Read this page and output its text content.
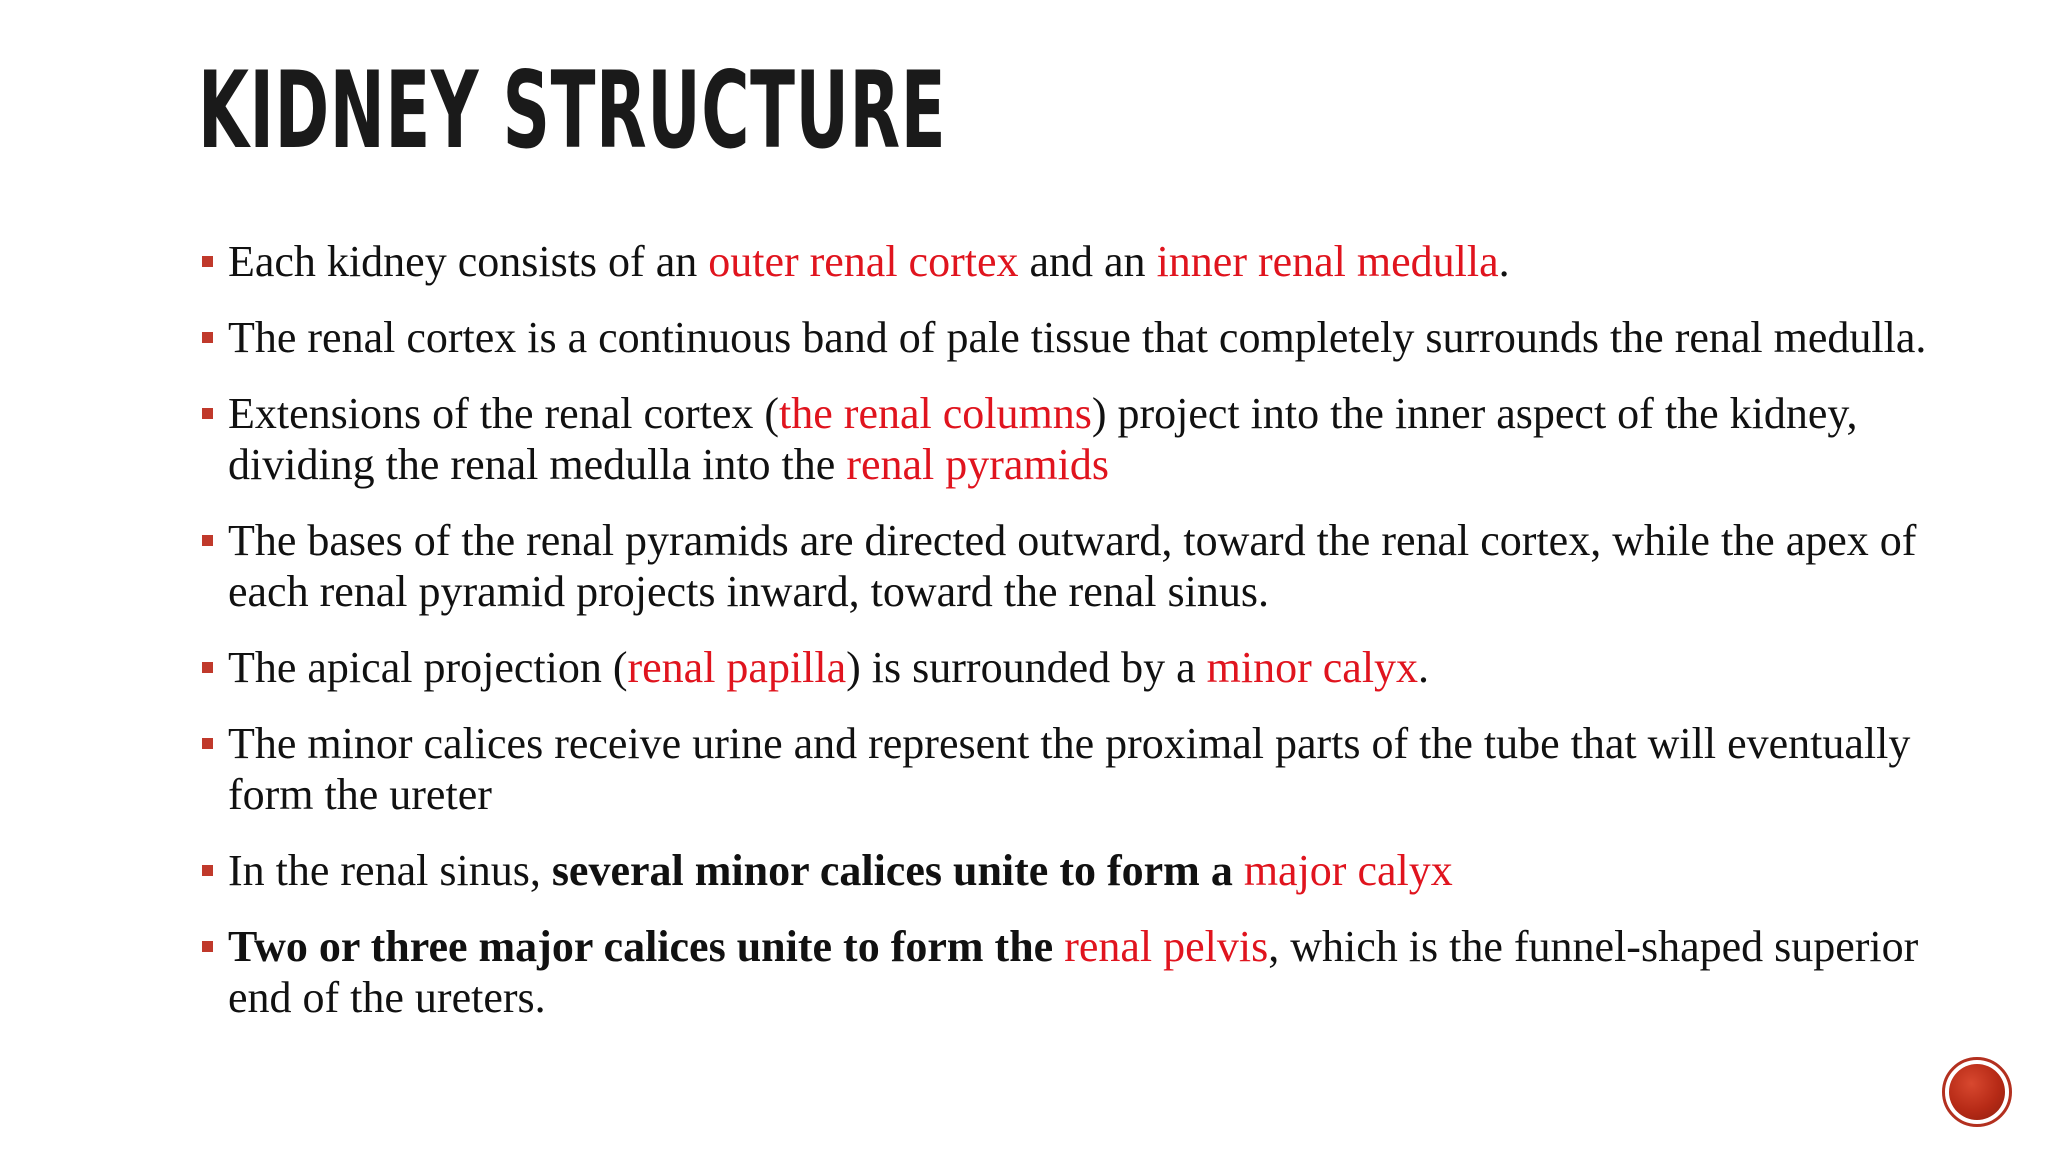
KIDNEY STRUCTURE
Each kidney consists of an outer renal cortex and an inner renal medulla.
The renal cortex is a continuous band of pale tissue that completely surrounds the renal medulla.
Extensions of the renal cortex (the renal columns) project into the inner aspect of the kidney, dividing the renal medulla into the renal pyramids
The bases of the renal pyramids are directed outward, toward the renal cortex, while the apex of each renal pyramid projects inward, toward the renal sinus.
The apical projection (renal papilla) is surrounded by a minor calyx.
The minor calices receive urine and represent the proximal parts of the tube that will eventually form the ureter
In the renal sinus, several minor calices unite to form a major calyx
Two or three major calices unite to form the renal pelvis, which is the funnel-shaped superior end of the ureters.
